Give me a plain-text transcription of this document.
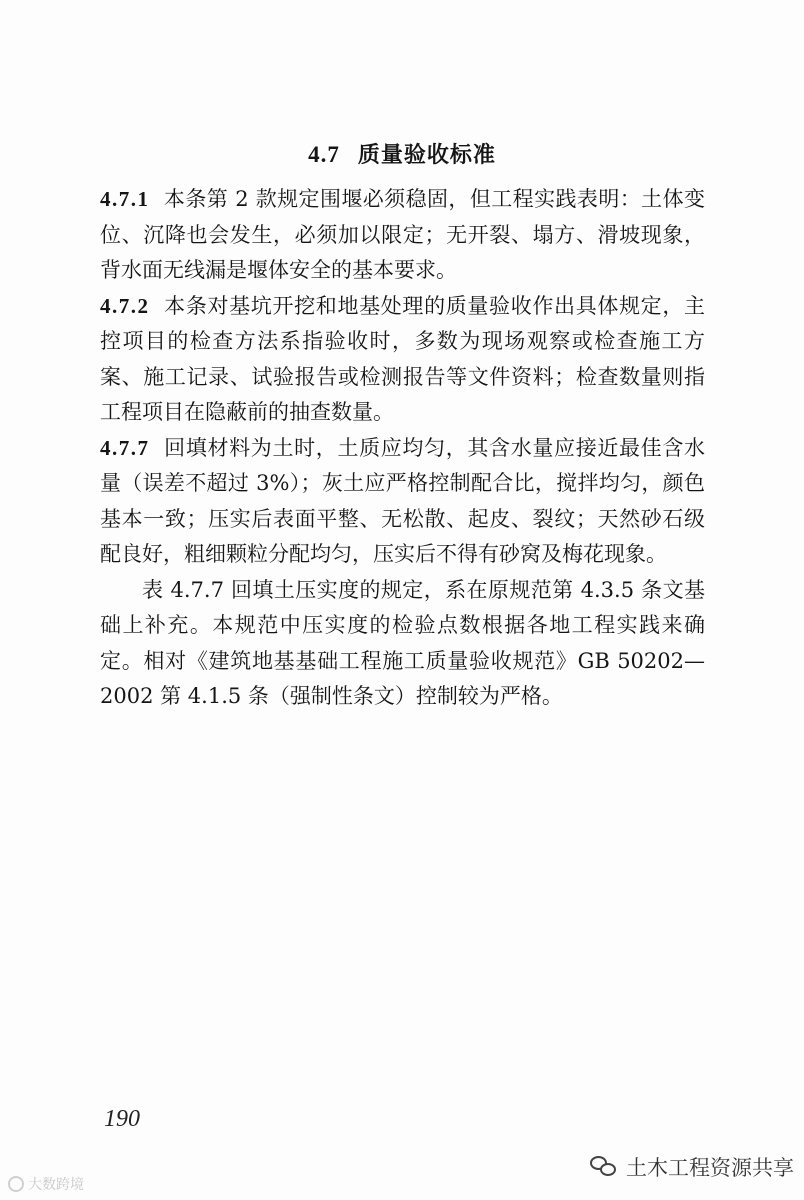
4.7 质量验收标准

4.7.1 本条第 2 款规定围堰必须稳固，但工程实践表明：土体变位、沉降也会发生，必须加以限定；无开裂、塌方、滑坡现象，背水面无线漏是堰体安全的基本要求。

4.7.2 本条对基坑开挖和地基处理的质量验收作出具体规定，主控项目的检查方法系指验收时，多数为现场观察或检查施工方案、施工记录、试验报告或检测报告等文件资料；检查数量则指工程项目在隐蔽前的抽查数量。

4.7.7 回填材料为土时，土质应均匀，其含水量应接近最佳含水量（误差不超过 3%）；灰土应严格控制配合比，搅拌均匀，颜色基本一致；压实后表面平整、无松散、起皮、裂纹；天然砂石级配良好，粗细颗粒分配均匀，压实后不得有砂窝及梅花现象。

表 4.7.7 回填土压实度的规定，系在原规范第 4.3.5 条文基础上补充。本规范中压实度的检验点数根据各地工程实践来确定。相对《建筑地基基础工程施工质量验收规范》GB 50202—2002 第 4.1.5 条（强制性条文）控制较为严格。

190
大数跨境
土木工程资源共享
